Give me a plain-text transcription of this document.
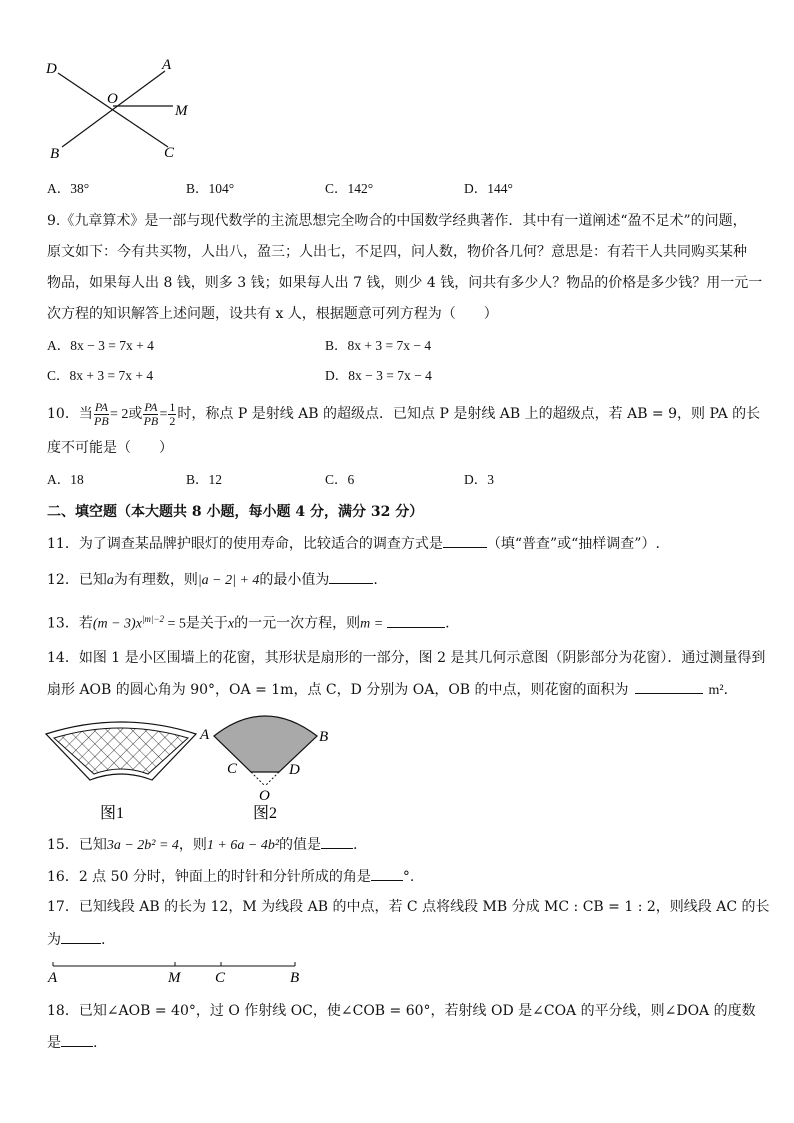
D	A
O
M
B	C
A．38°	B．104°	C．142°	D．144°
9.《九章算术》是一部与现代数学的主流思想完全吻合的中国数学经典著作．其中有一道阐述“盈不足术”的问题，
原文如下：今有共买物，人出八，盈三；人出七，不足四，问人数，物价各几何？意思是：有若干人共同购买某种
物品，如果每人出 8 钱，则多 3 钱；如果每人出 7 钱，则少 4 钱，问共有多少人？物品的价格是多少钱？用一元一
次方程的知识解答上述问题，设共有 x 人，根据题意可列方程为（　　）
A．8x − 3 = 7x + 4	B．8x + 3 = 7x − 4
C．8x + 3 = 7x + 4	D．8x − 3 = 7x − 4
10．当 $\frac{PA}{PB} = 2$或 $\frac{PA}{PB} = \frac{1}{2}$ 时，称点 P 是射线 AB 的超级点．已知点 P 是射线 AB 上的超级点，若 AB = 9，则 PA 的长
度不可能是（　　）
A．18	B．12	C．6	D．3
二、填空题（本大题共 8 小题，每小题 4 分，满分 32 分）
11．为了调查某品牌护眼灯的使用寿命，比较适合的调查方式是	（填“普查”或“抽样调查”）.
12．已知a为有理数，则|a − 2| + 4的最小值为	.
13．若$(m - 3)x^{|m|-2} = 5$是关于x的一元一次方程，则m =	.
14．如图 1 是小区围墙上的花窗，其形状是扇形的一部分，图 2 是其几何示意图（阴影部分为花窗）．通过测量得到
扇形 AOB 的圆心角为 90°，OA = 1m，点 C，D 分别为 OA，OB 的中点，则花窗的面积为	m²．
图1
A	B
C	D
O
图2
15．已知3a − 2b² = 4，则1 + 6a − 4b²的值是 .
16．2 点 50 分时，钟面上的时针和分针所成的角是 °.
17．已知线段 AB 的长为 12，M 为线段 AB 的中点，若 C 点将线段 MB 分成 MC : CB = 1 : 2，则线段 AC 的长
为	.
A	M C	B
18．已知∠AOB = 40°，过 O 作射线 OC，使∠COB = 60°，若射线 OD 是∠COA 的平分线，则∠DOA 的度数
是 .
